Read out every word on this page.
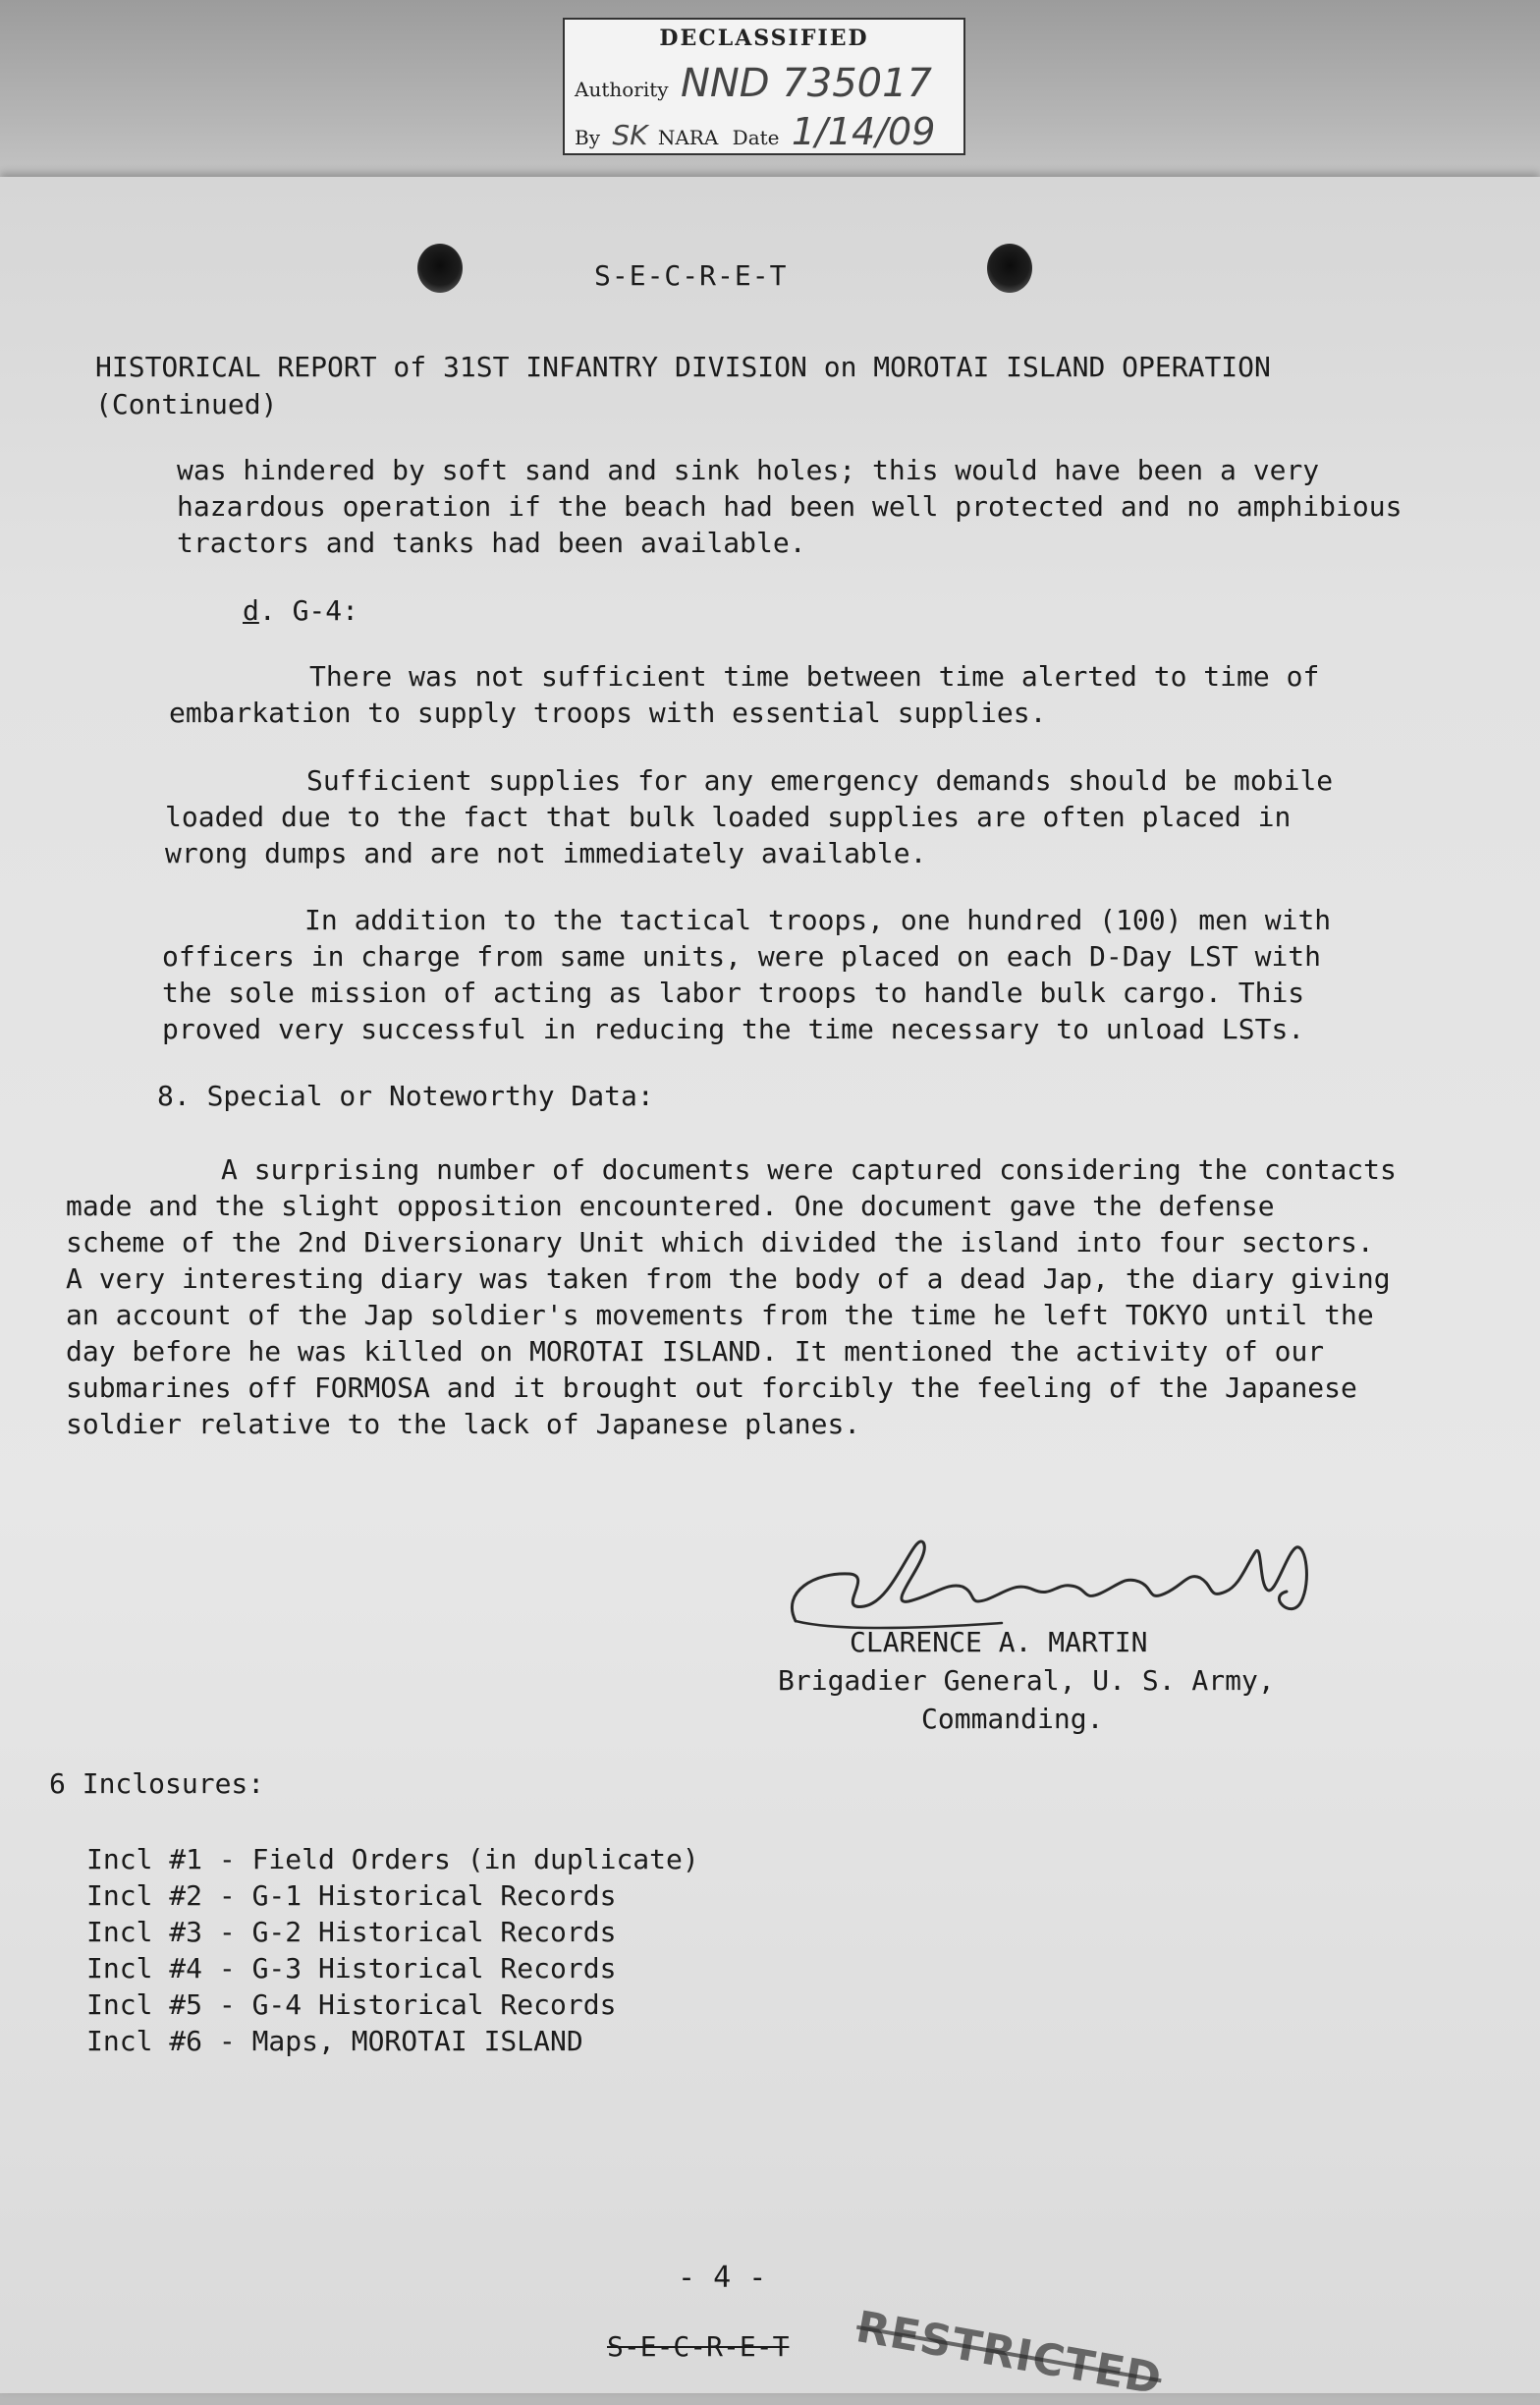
DECLASSIFIED
Authority NND 735017
By SK NARA Date 1/14/09
S-E-C-R-E-T
HISTORICAL REPORT of 31ST INFANTRY DIVISION on MOROTAI ISLAND OPERATION
(Continued)
was hindered by soft sand and sink holes; this would have been a very
hazardous operation if the beach had been well protected and no amphibious
tractors and tanks had been available.
d. G-4:
There was not sufficient time between time alerted to time of
embarkation to supply troops with essential supplies.
Sufficient supplies for any emergency demands should be mobile
loaded due to the fact that bulk loaded supplies are often placed in
wrong dumps and are not immediately available.
In addition to the tactical troops, one hundred (100) men with
officers in charge from same units, were placed on each D-Day LST with
the sole mission of acting as labor troops to handle bulk cargo. This
proved very successful in reducing the time necessary to unload LSTs.
8. Special or Noteworthy Data:
A surprising number of documents were captured considering the contacts
made and the slight opposition encountered. One document gave the defense
scheme of the 2nd Diversionary Unit which divided the island into four sectors.
A very interesting diary was taken from the body of a dead Jap, the diary giving
an account of the Jap soldier's movements from the time he left TOKYO until the
day before he was killed on MOROTAI ISLAND. It mentioned the activity of our
submarines off FORMOSA and it brought out forcibly the feeling of the Japanese
soldier relative to the lack of Japanese planes.
CLARENCE A. MARTIN
Brigadier General, U. S. Army,
Commanding.
6 Inclosures:
Incl #1 - Field Orders (in duplicate)
Incl #2 - G-1 Historical Records
Incl #3 - G-2 Historical Records
Incl #4 - G-3 Historical Records
Incl #5 - G-4 Historical Records
Incl #6 - Maps, MOROTAI ISLAND
- 4 -
S-E-C-R-E-T RESTRICTED
